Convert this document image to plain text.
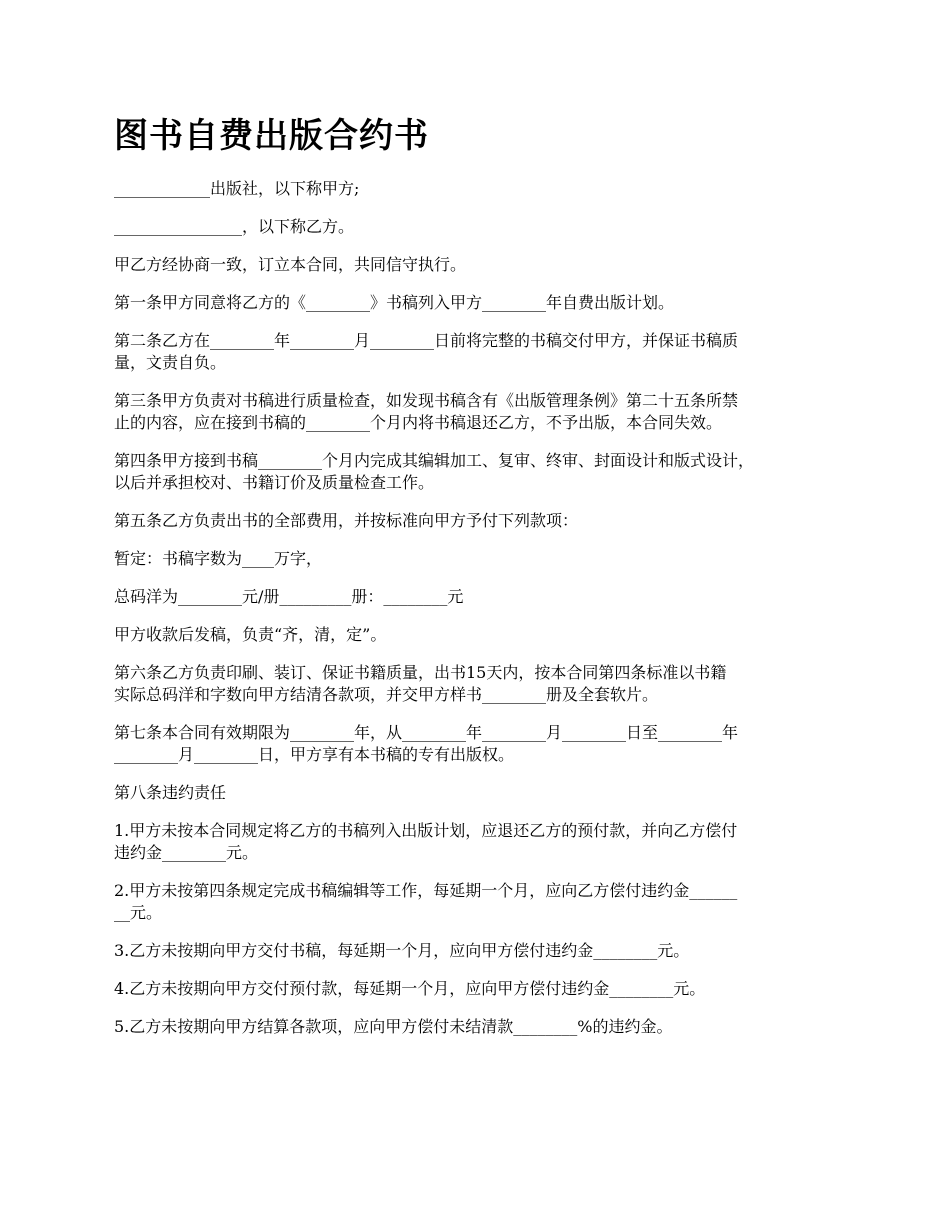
图书自费出版合约书

____________出版社，以下称甲方;

________________，以下称乙方。

甲乙方经协商一致，订立本合同，共同信守执行。

第一条甲方同意将乙方的《________》书稿列入甲方________年自费出版计划。

第二条乙方在________年________月________日前将完整的书稿交付甲方，并保证书稿质
量，文责自负。

第三条甲方负责对书稿进行质量检查，如发现书稿含有《出版管理条例》第二十五条所禁
止的内容，应在接到书稿的________个月内将书稿退还乙方，不予出版，本合同失效。

第四条甲方接到书稿________个月内完成其编辑加工、复审、终审、封面设计和版式设计，
以后并承担校对、书籍订价及质量检查工作。

第五条乙方负责出书的全部费用，并按标准向甲方予付下列款项：

暂定：书稿字数为____万字，

总码洋为________元/册_________册：________元

甲方收款后发稿，负责“齐，清，定”。

第六条乙方负责印刷、装订、保证书籍质量，出书15天内，按本合同第四条标准以书籍
实际总码洋和字数向甲方结清各款项，并交甲方样书________册及全套软片。

第七条本合同有效期限为________年，从________年________月________日至________年
________月________日，甲方享有本书稿的专有出版权。

第八条违约责任

1.甲方未按本合同规定将乙方的书稿列入出版计划，应退还乙方的预付款，并向乙方偿付
违约金________元。

2.甲方未按第四条规定完成书稿编辑等工作，每延期一个月，应向乙方偿付违约金______
__元。

3.乙方未按期向甲方交付书稿，每延期一个月，应向甲方偿付违约金________元。

4.乙方未按期向甲方交付预付款，每延期一个月，应向甲方偿付违约金________元。

5.乙方未按期向甲方结算各款项，应向甲方偿付未结清款________%的违约金。
